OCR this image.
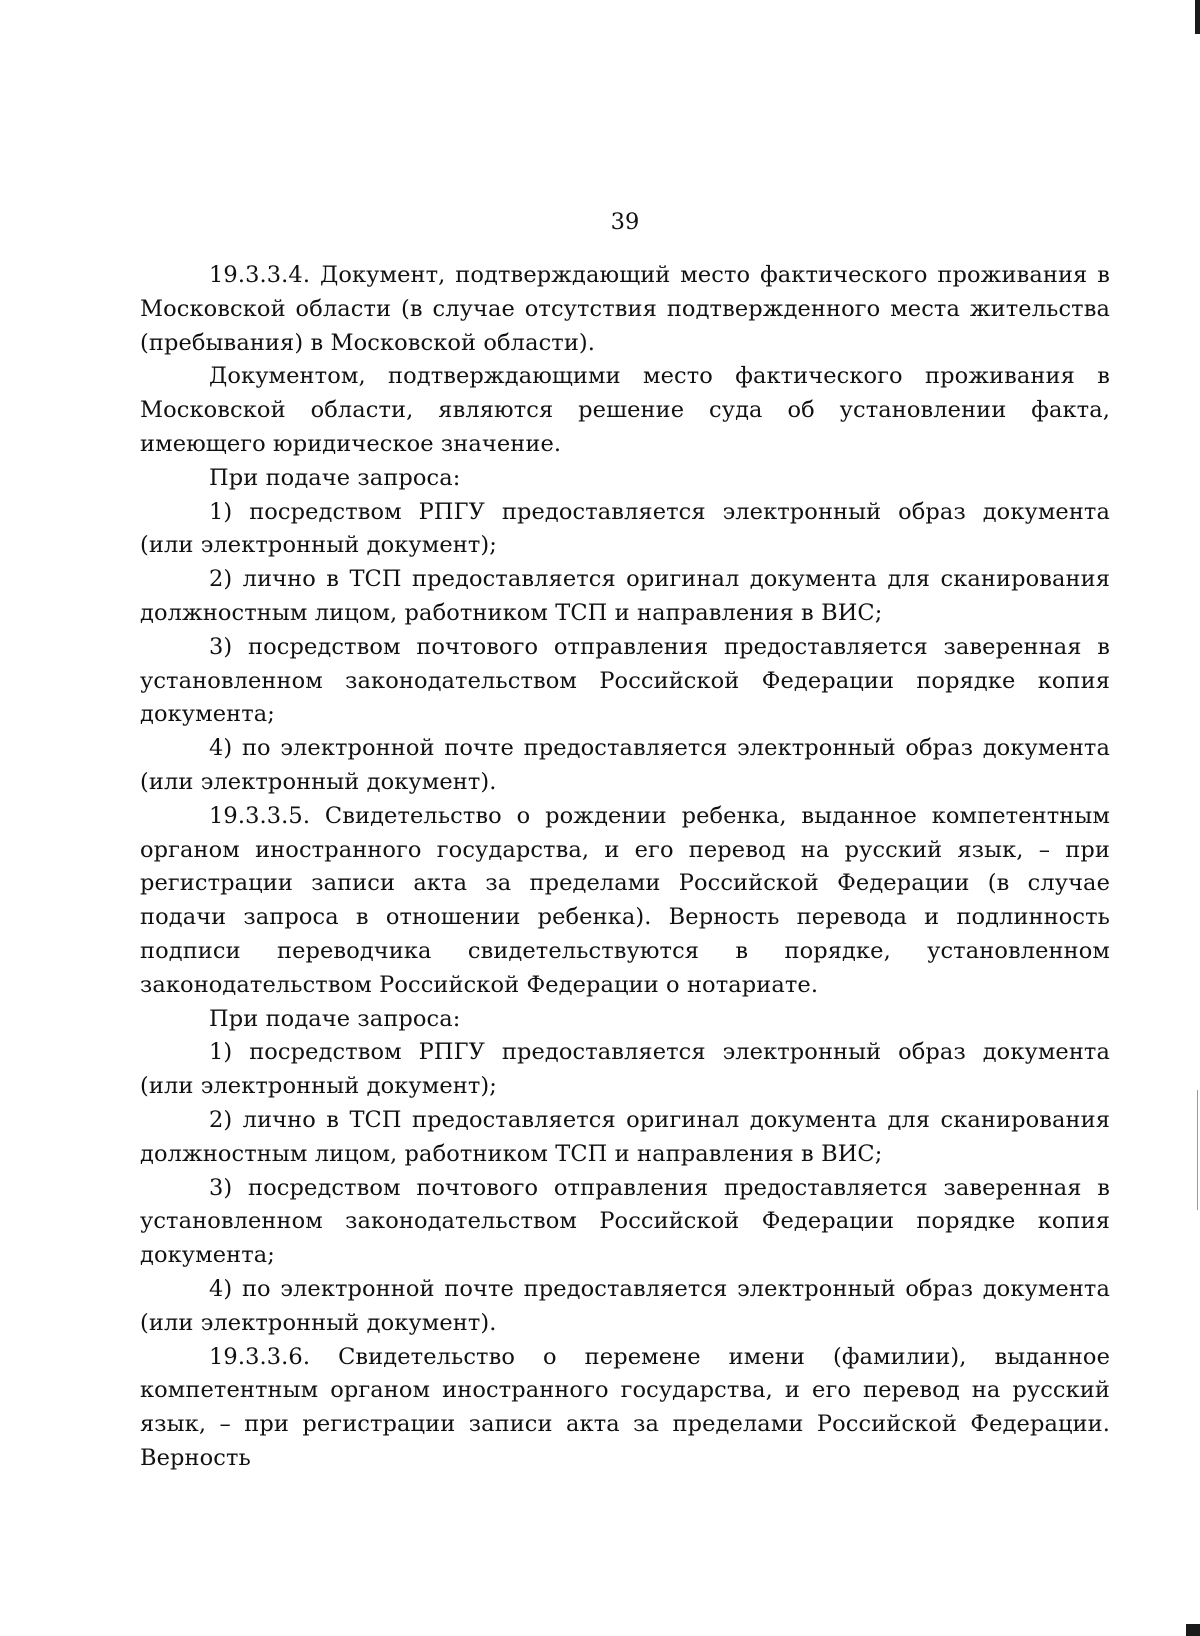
39

19.3.3.4. Документ, подтверждающий место фактического проживания в Московской области (в случае отсутствия подтвержденного места жительства (пребывания) в Московской области).

Документом, подтверждающими место фактического проживания в Московской области, являются решение суда об установлении факта, имеющего юридическое значение.

При подаче запроса:

1) посредством РПГУ предоставляется электронный образ документа (или электронный документ);

2) лично в ТСП предоставляется оригинал документа для сканирования должностным лицом, работником ТСП и направления в ВИС;

3) посредством почтового отправления предоставляется заверенная в установленном законодательством Российской Федерации порядке копия документа;

4) по электронной почте предоставляется электронный образ документа (или электронный документ).

19.3.3.5. Свидетельство о рождении ребенка, выданное компетентным органом иностранного государства, и его перевод на русский язык, – при регистрации записи акта за пределами Российской Федерации (в случае подачи запроса в отношении ребенка). Верность перевода и подлинность подписи переводчика свидетельствуются в порядке, установленном законодательством Российской Федерации о нотариате.

При подаче запроса:

1) посредством РПГУ предоставляется электронный образ документа (или электронный документ);

2) лично в ТСП предоставляется оригинал документа для сканирования должностным лицом, работником ТСП и направления в ВИС;

3) посредством почтового отправления предоставляется заверенная в установленном законодательством Российской Федерации порядке копия документа;

4) по электронной почте предоставляется электронный образ документа (или электронный документ).

19.3.3.6. Свидетельство о перемене имени (фамилии), выданное компетентным органом иностранного государства, и его перевод на русский язык, – при регистрации записи акта за пределами Российской Федерации. Верность
